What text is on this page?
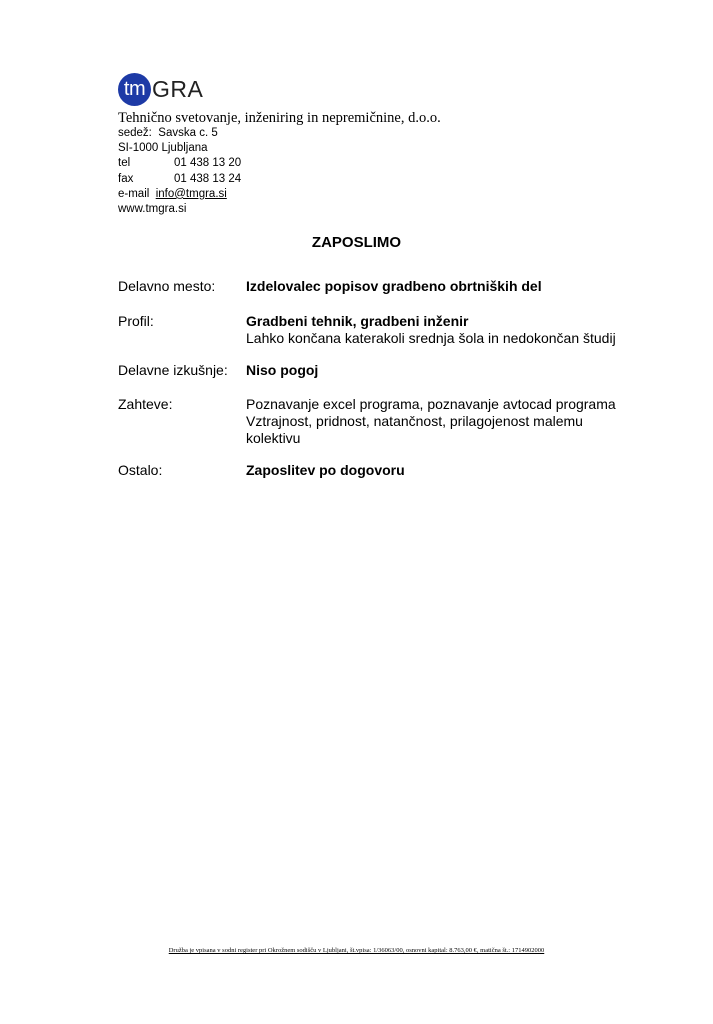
tm GRA
Tehnično svetovanje, inženiring in nepremičnine, d.o.o.
sedež:
Savska c. 5
SI-1000 Ljubljana
tel	01 438 13 20
fax	01 438 13 24
e-mail
info@tmgra.si
www.tmgra.si
ZAPOSLIMO
Delavno mesto:	Izdelovalec popisov gradbeno obrtniških del
Profil:	Gradbeni tehnik, gradbeni inženir
Lahko končana katerakoli srednja šola in nedokončan študij
Delavne izkušnje:	Niso pogoj
Zahteve:	Poznavanje excel programa, poznavanje avtocad programa
Vztrajnost, pridnost, natančnost, prilagojenost malemu
kolektivu
Ostalo:	Zaposlitev po dogovoru
Družba je vpisana v sodni register pri Okrožnem sodišču v Ljubljani, št.vpisa: 1/36063/00, osnovni kapital: 8.763,00 €, matična št.: 1714902000
